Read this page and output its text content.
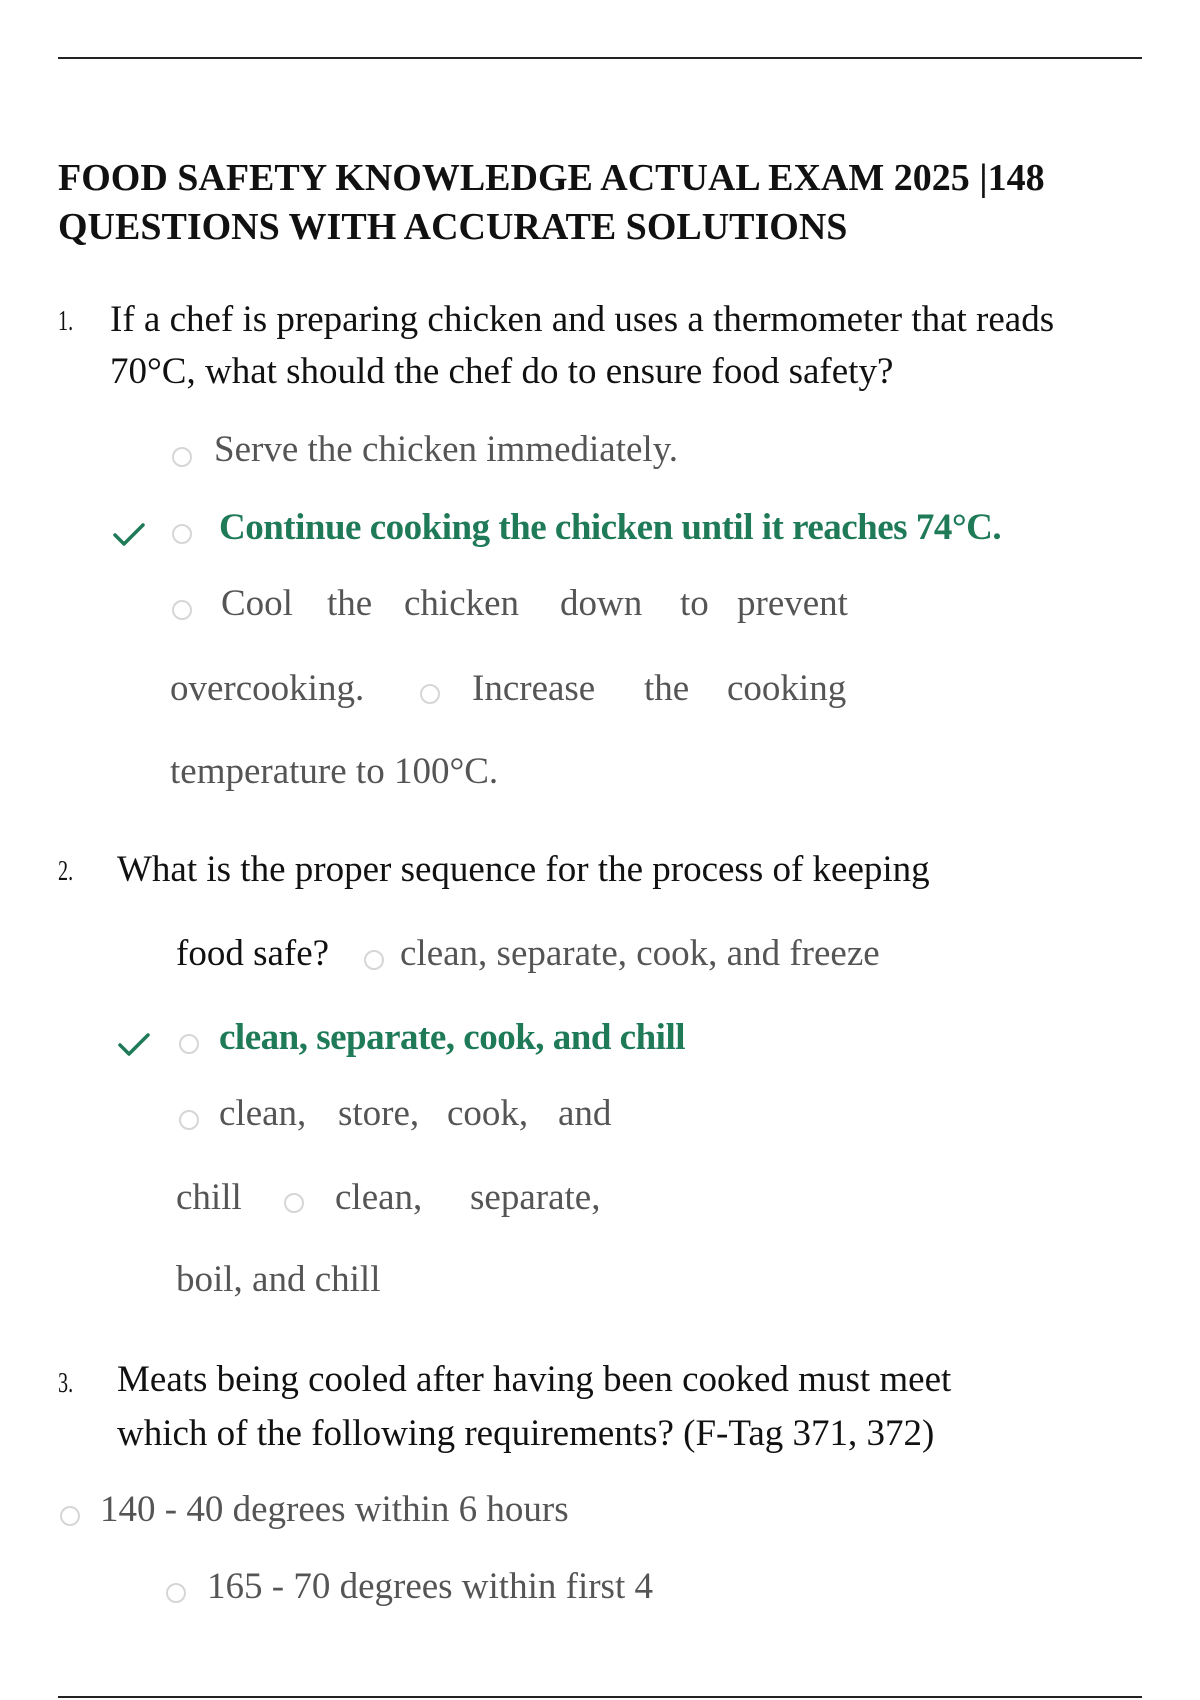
FOOD SAFETY KNOWLEDGE ACTUAL EXAM 2025 |148
QUESTIONS WITH ACCURATE SOLUTIONS
1. If a chef is preparing chicken and uses a thermometer that reads
70°C, what should the chef do to ensure food safety?
Serve the chicken immediately.
Continue cooking the chicken until it reaches 74°C.
Cool the chicken down to prevent
overcooking.	Increase the cooking
temperature to 100°C.
2. What is the proper sequence for the process of keeping
food safe? clean, separate, cook, and freeze
clean, separate, cook, and chill
clean, store, cook, and
chill	clean, separate,
boil, and chill
3. Meats being cooled after having been cooked must meet
which of the following requirements? (F-Tag 371, 372)
140 - 40 degrees within 6 hours
165 - 70 degrees within first 4
